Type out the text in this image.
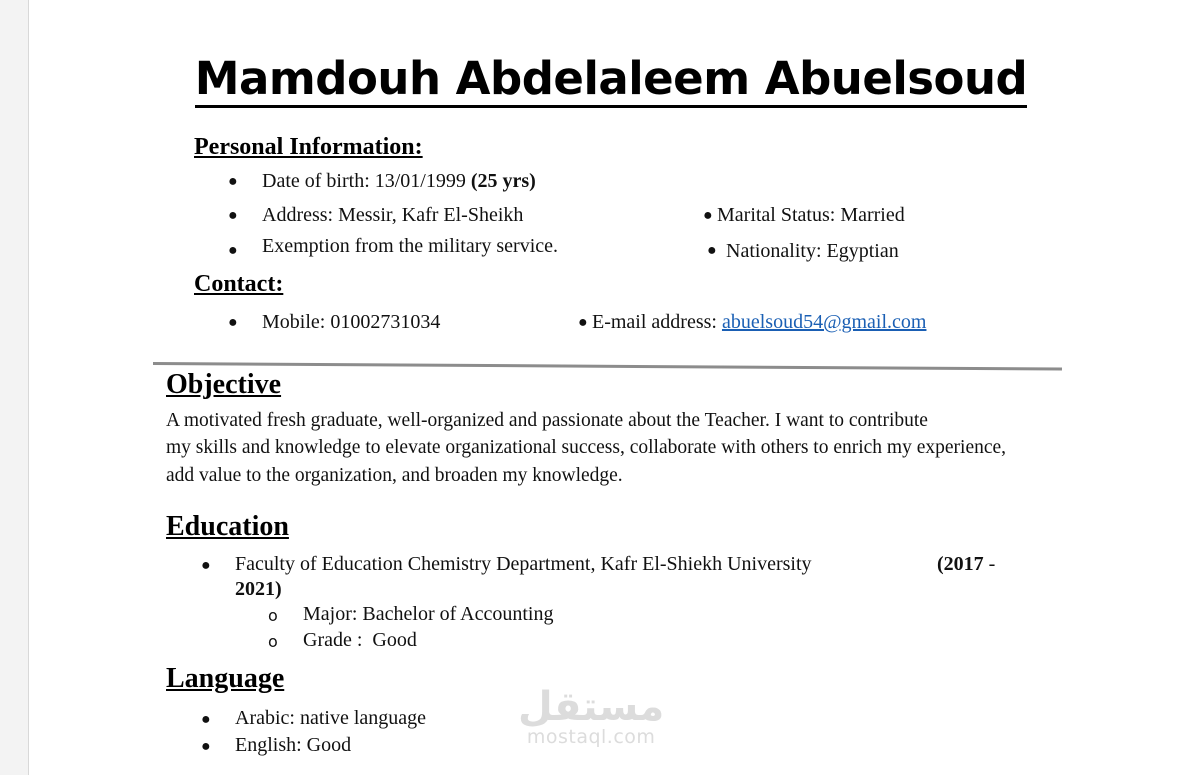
Mamdouh Abdelaleem Abuelsoud
Personal Information:
● Date of birth: 13/01/1999 (25 yrs)
● Address: Messir, Kafr El-Sheikh	● Marital Status: Married
● Exemption from the military service.	● Nationality: Egyptian
Contact:
● Mobile: 01002731034	● E-mail address: abuelsoud54@gmail.com
Objective
A motivated fresh graduate, well-organized and passionate about the Teacher. I want to contribute
my skills and knowledge to elevate organizational success, collaborate with others to enrich my experience,
add value to the organization, and broaden my knowledge.
Education
● Faculty of Education Chemistry Department, Kafr El-Shiekh University	(2017 -
2021)
o Major: Bachelor of Accounting
o Grade :  Good
Language
● Arabic: native language
● English: Good
مستقل
mostaql.com
